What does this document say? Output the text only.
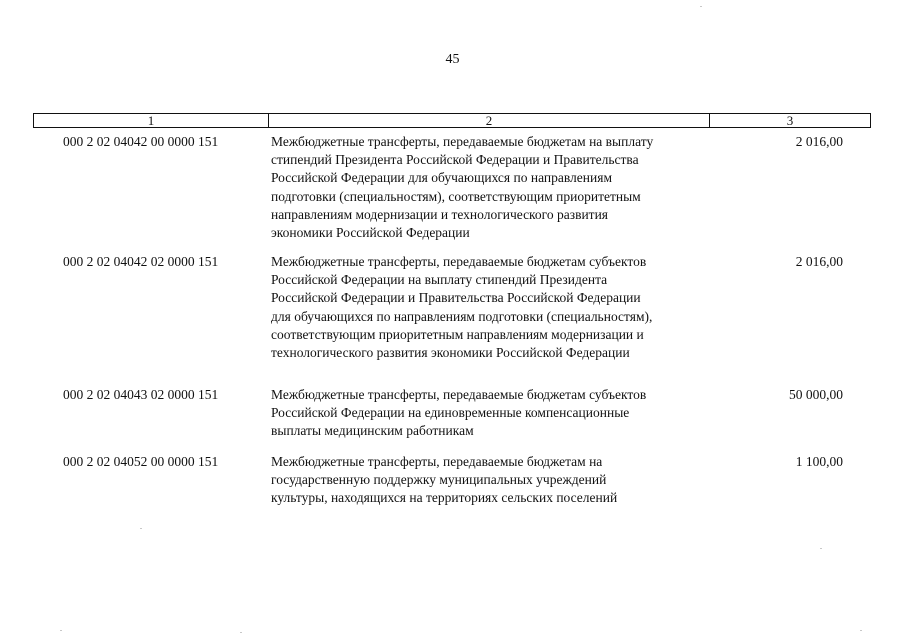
45
1	2	3
000 2 02 04042 00 0000 151	Межбюджетные трансферты, передаваемые бюджетам на выплату
стипендий Президента Российской Федерации и Правительства
Российской Федерации для обучающихся по направлениям
подготовки (специальностям), соответствующим приоритетным
направлениям модернизации и технологического развития
экономики Российской Федерации
2 016,00
000 2 02 04042 02 0000 151	Межбюджетные трансферты, передаваемые бюджетам субъектов
Российской Федерации на выплату стипендий Президента
Российской Федерации и Правительства Российской Федерации
для обучающихся по направлениям подготовки (специальностям),
соответствующим приоритетным направлениям модернизации и
технологического развития экономики Российской Федерации
2 016,00
000 2 02 04043 02 0000 151	Межбюджетные трансферты, передаваемые бюджетам субъектов
Российской Федерации на единовременные компенсационные
выплаты медицинским работникам
50 000,00
000 2 02 04052 00 0000 151	Межбюджетные трансферты, передаваемые бюджетам на
государственную поддержку муниципальных учреждений
культуры, находящихся на территориях сельских поселений
1 100,00
